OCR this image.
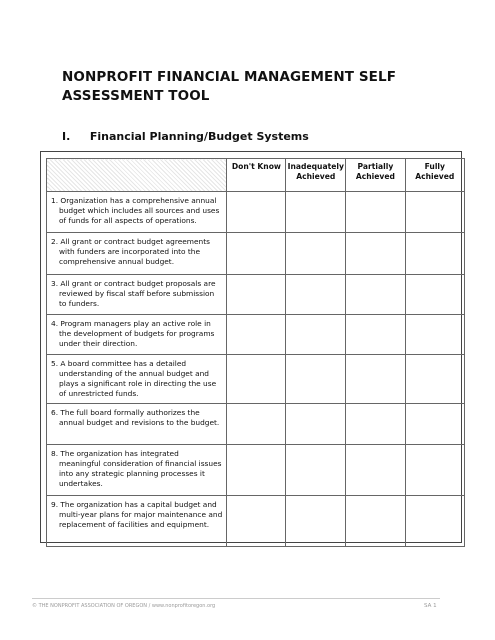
NONPROFIT FINANCIAL MANAGEMENT SELF
ASSESSMENT TOOL
I. Financial Planning/Budget Systems
	Don't Know	Inadequately Achieved	Partially Achieved	Fully Achieved

1. Organization has a comprehensive annual budget which includes all sources and uses of funds for all aspects of operations.				

2. All grant or contract budget agreements with funders are incorporated into the comprehensive annual budget.				

3. All grant or contract budget proposals are reviewed by fiscal staff before submission to funders.				

4. Program managers play an active role in the development of budgets for programs under their direction.				

5. A board committee has a detailed understanding of the annual budget and plays a significant role in directing the use of unrestricted funds.				

6. The full board formally authorizes the annual budget and revisions to the budget.				

8. The organization has integrated meaningful consideration of financial issues into any strategic planning processes it undertakes.				

9. The organization has a capital budget and multi-year plans for major maintenance and replacement of facilities and equipment.				

© THE NONPROFIT ASSOCIATION OF OREGON / www.nonprofitoregon.org	SA 1
